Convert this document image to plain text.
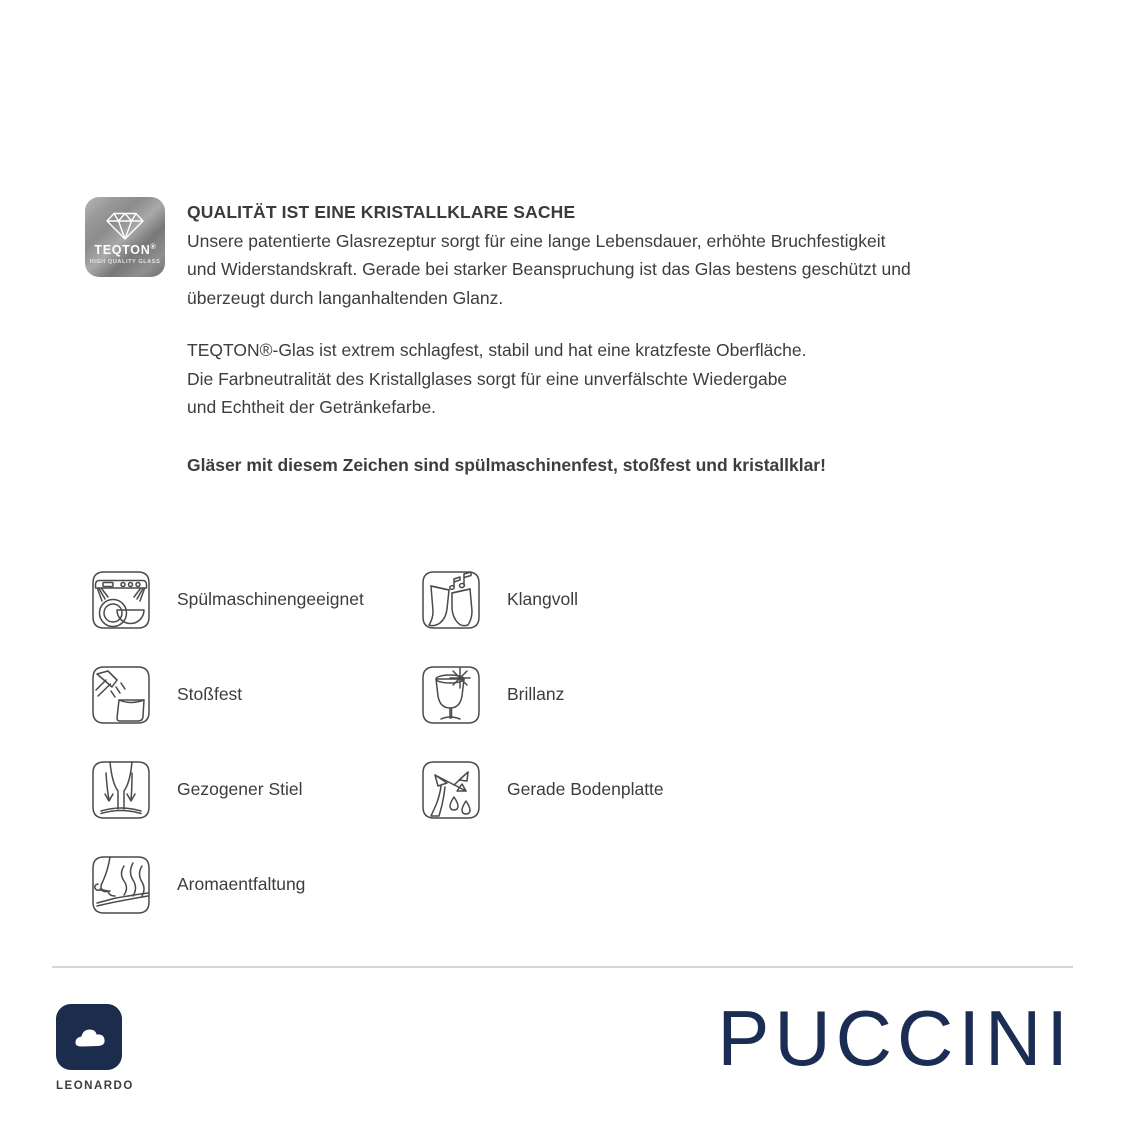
TEQTON®
HIGH QUALITY GLASS
QUALITÄT IST EINE KRISTALLKLARE SACHE

Unsere patentierte Glasrezeptur sorgt für eine lange Lebensdauer, erhöhte Bruchfestigkeit

und Widerstandskraft. Gerade bei starker Beanspruchung ist das Glas bestens geschützt und

überzeugt durch langanhaltenden Glanz.

TEQTON®-Glas ist extrem schlagfest, stabil und hat eine kratzfeste Oberfläche.

Die Farbneutralität des Kristallglases sorgt für eine unverfälschte Wiedergabe

und Echtheit der Getränkefarbe.

Gläser mit diesem Zeichen sind spülmaschinenfest, stoßfest und kristallklar!

Spülmaschinengeeignet	Klangvoll
Stoßfest	Brillanz
Gezogener Stiel	Gerade Bodenplatte
Aromaentfaltung
LEONARDO
PUCCINI
